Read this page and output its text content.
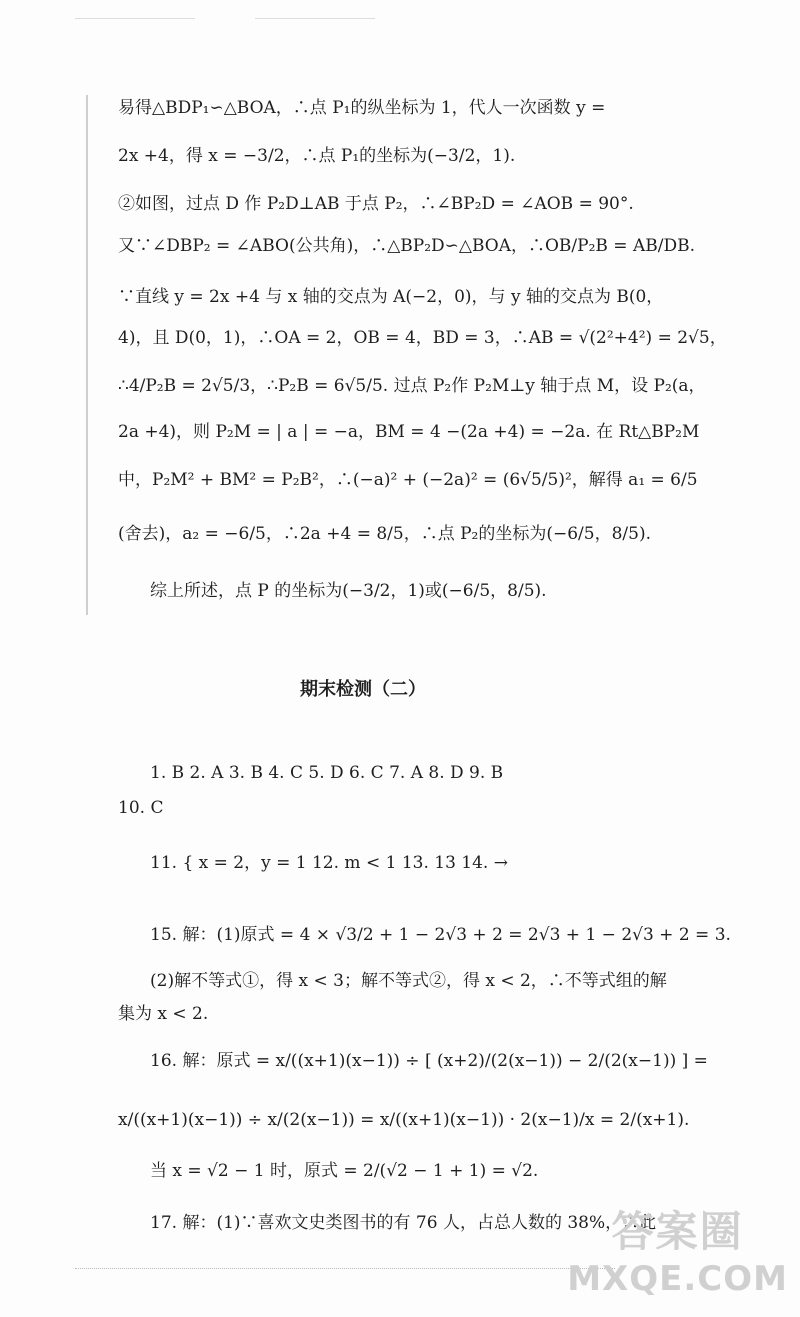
易得△BDP₁∽△BOA，∴点 P₁的纵坐标为 1，代人一次函数 y =
2x +4，得 x = −3/2，∴点 P₁的坐标为(−3/2，1).
②如图，过点 D 作 P₂D⊥AB 于点 P₂，∴∠BP₂D = ∠AOB = 90°.
又∵∠DBP₂ = ∠ABO(公共角)，∴△BP₂D∽△BOA，∴OB/P₂B = AB/DB.
∵直线 y = 2x +4 与 x 轴的交点为 A(−2，0)，与 y 轴的交点为 B(0，
4)，且 D(0，1)，∴OA = 2，OB = 4，BD = 3，∴AB = √(2²+4²) = 2√5，
∴4/P₂B = 2√5/3，∴P₂B = 6√5/5. 过点 P₂作 P₂M⊥y 轴于点 M，设 P₂(a，
2a +4)，则 P₂M = | a | = −a，BM = 4 −(2a +4) = −2a. 在 Rt△BP₂M
中，P₂M² + BM² = P₂B²，∴(−a)² + (−2a)² = (6√5/5)²，解得 a₁ = 6/5
(舍去)，a₂ = −6/5，∴2a +4 = 8/5，∴点 P₂的坐标为(−6/5，8/5).
综上所述，点 P 的坐标为(−3/2，1)或(−6/5，8/5).
期末检测（二）
1. B 2. A 3. B 4. C 5. D 6. C 7. A 8. D 9. B
10. C
11. { x = 2，y = 1 12. m < 1 13. 13 14. →
15. 解：(1)原式 = 4 × √3/2 + 1 − 2√3 + 2 = 2√3 + 1 − 2√3 + 2 = 3.
(2)解不等式①，得 x < 3；解不等式②，得 x < 2，∴不等式组的解
集为 x < 2.
16. 解：原式 = x/((x+1)(x−1)) ÷ [ (x+2)/(2(x−1)) − 2/(2(x−1)) ] =
x/((x+1)(x−1)) ÷ x/(2(x−1)) = x/((x+1)(x−1)) · 2(x−1)/x = 2/(x+1).
当 x = √2 − 1 时，原式 = 2/(√2 − 1 + 1) = √2.
17. 解：(1)∵喜欢文史类图书的有 76 人，占总人数的 38%，∴此
答案圈
MXQE.COM
